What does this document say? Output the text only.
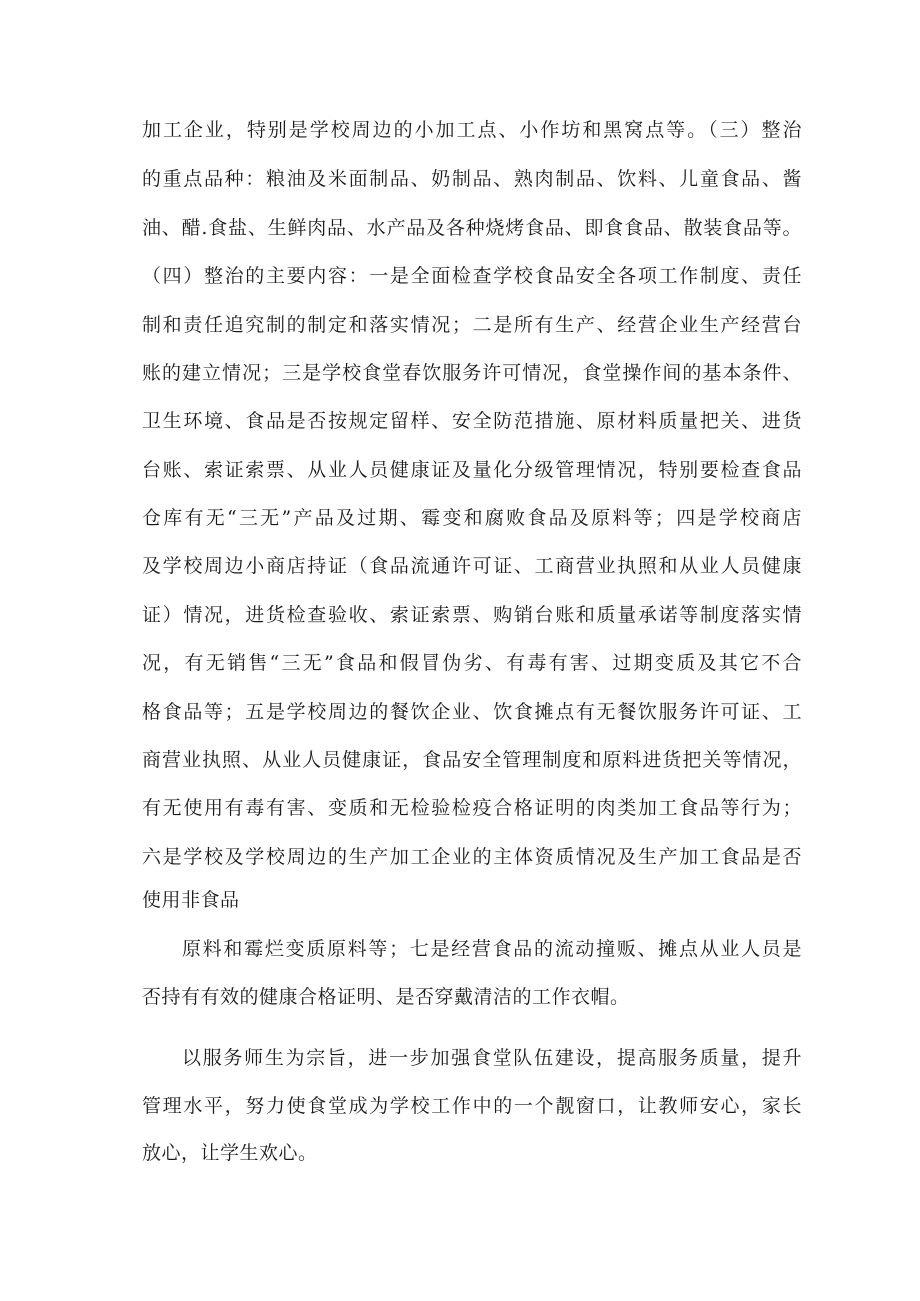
加工企业，特别是学校周边的小加工点、小作坊和黑窝点等。（三）整治
的重点品种：粮油及米面制品、奶制品、熟肉制品、饮料、儿童食品、酱
油、醋.食盐、生鲜肉品、水产品及各种烧烤食品、即食食品、散装食品等。
（四）整治的主要内容：一是全面检查学校食品安全各项工作制度、责任
制和责任追究制的制定和落实情况；二是所有生产、经营企业生产经营台
账的建立情况；三是学校食堂春饮服务许可情况，食堂操作间的基本条件、
卫生环境、食品是否按规定留样、安全防范措施、原材料质量把关、进货
台账、索证索票、从业人员健康证及量化分级管理情况，特别要检查食品
仓库有无“三无”产品及过期、霉变和腐败食品及原料等；四是学校商店
及学校周边小商店持证（食品流通许可证、工商营业执照和从业人员健康
证）情况，进货检查验收、索证索票、购销台账和质量承诺等制度落实情
况，有无销售“三无”食品和假冒伪劣、有毒有害、过期变质及其它不合
格食品等；五是学校周边的餐饮企业、饮食摊点有无餐饮服务许可证、工
商营业执照、从业人员健康证，食品安全管理制度和原料进货把关等情况，
有无使用有毒有害、变质和无检验检疫合格证明的肉类加工食品等行为；
六是学校及学校周边的生产加工企业的主体资质情况及生产加工食品是否
使用非食品
原料和霉烂变质原料等；七是经营食品的流动撞贩、摊点从业人员是
否持有有效的健康合格证明、是否穿戴清洁的工作衣帽。
以服务师生为宗旨，进一步加强食堂队伍建设，提高服务质量，提升
管理水平，努力使食堂成为学校工作中的一个靓窗口，让教师安心，家长
放心，让学生欢心。
